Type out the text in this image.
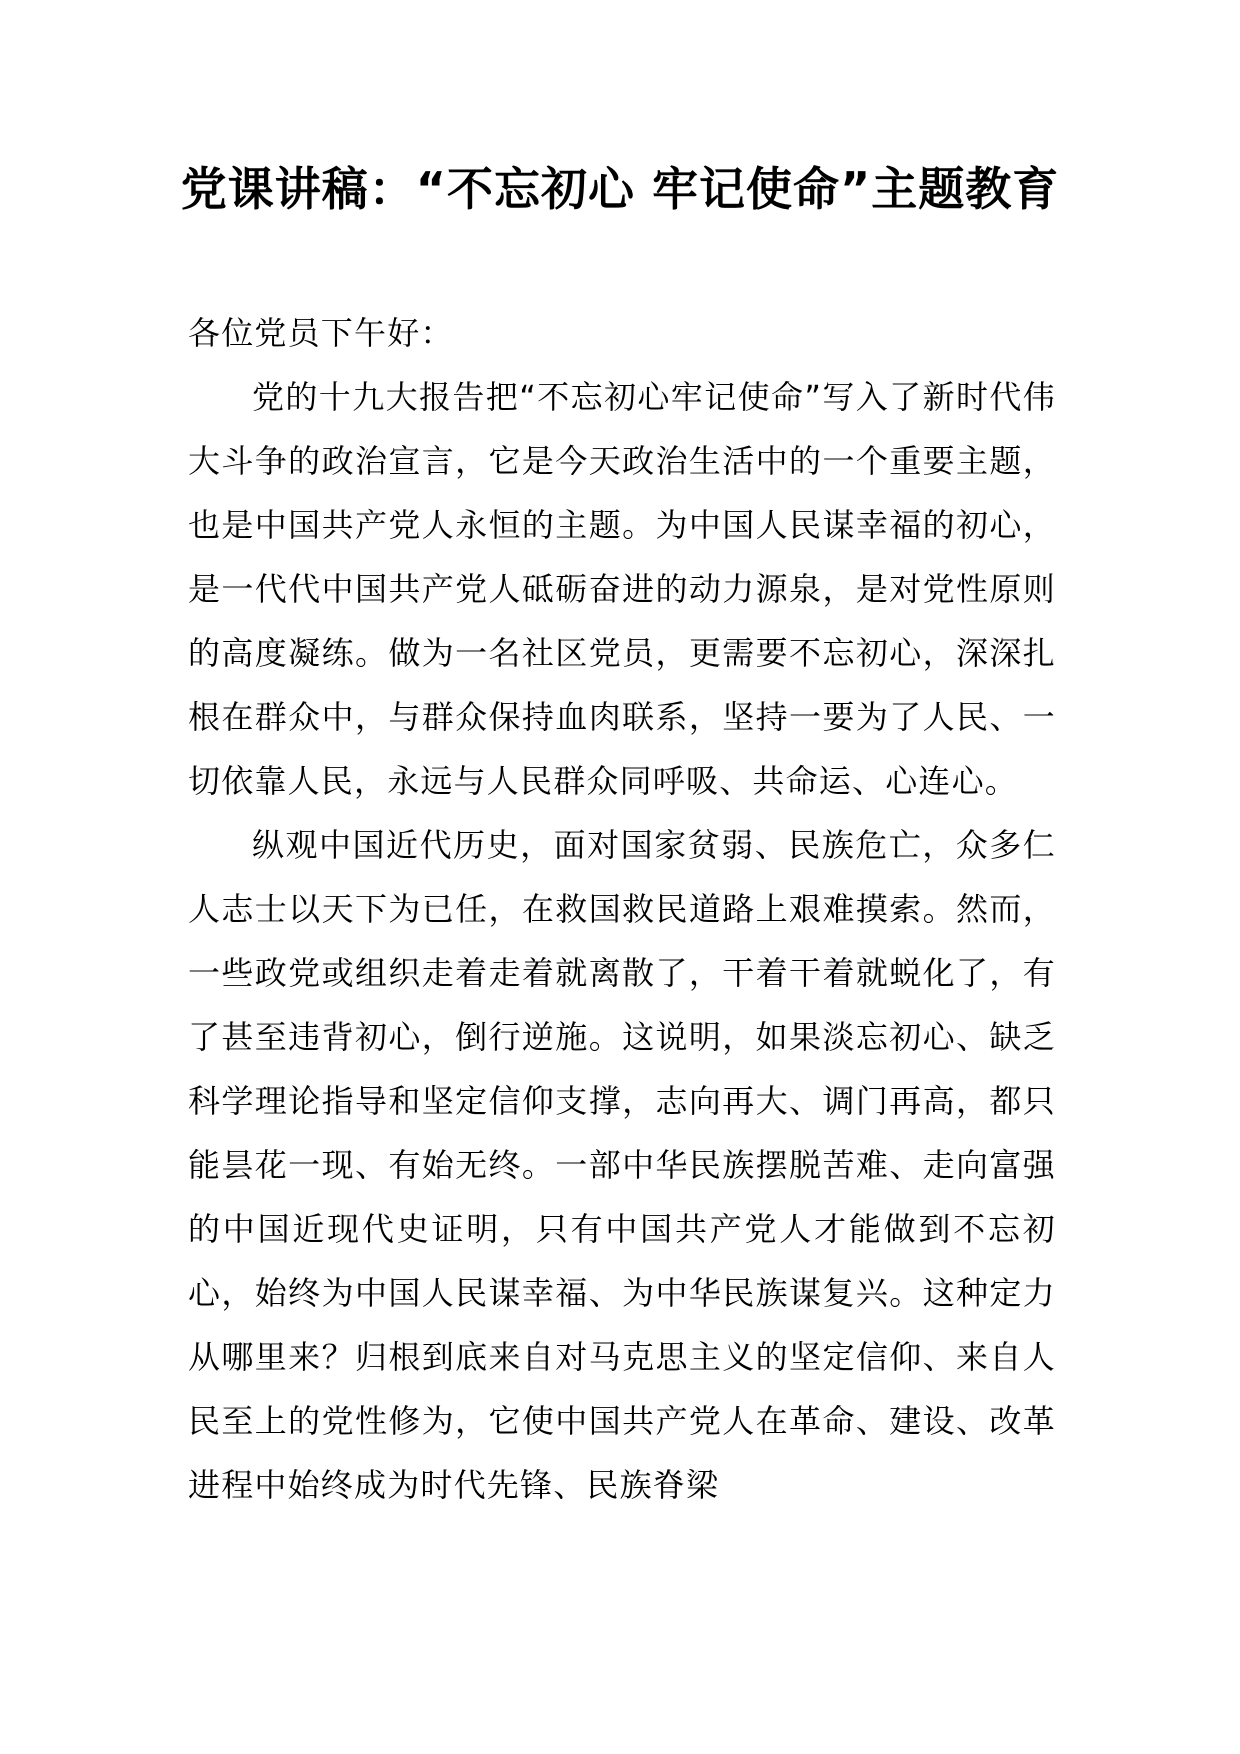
党课讲稿：“不忘初心 牢记使命”主题教育

各位党员下午好：

党的十九大报告把“不忘初心牢记使命”写入了新时代伟大斗争的政治宣言，它是今天政治生活中的一个重要主题，也是中国共产党人永恒的主题。为中国人民谋幸福的初心，是一代代中国共产党人砥砺奋进的动力源泉，是对党性原则的高度凝练。做为一名社区党员，更需要不忘初心，深深扎根在群众中，与群众保持血肉联系，坚持一要为了人民、一切依靠人民，永远与人民群众同呼吸、共命运、心连心。

纵观中国近代历史，面对国家贫弱、民族危亡，众多仁人志士以天下为已任，在救国救民道路上艰难摸索。然而，一些政党或组织走着走着就离散了，干着干着就蜕化了，有了甚至违背初心，倒行逆施。这说明，如果淡忘初心、缺乏科学理论指导和坚定信仰支撑，志向再大、调门再高，都只能昙花一现、有始无终。一部中华民族摆脱苦难、走向富强的中国近现代史证明，只有中国共产党人才能做到不忘初心，始终为中国人民谋幸福、为中华民族谋复兴。这种定力从哪里来？归根到底来自对马克思主义的坚定信仰、来自人民至上的党性修为，它使中国共产党人在革命、建设、改革进程中始终成为时代先锋、民族脊梁
